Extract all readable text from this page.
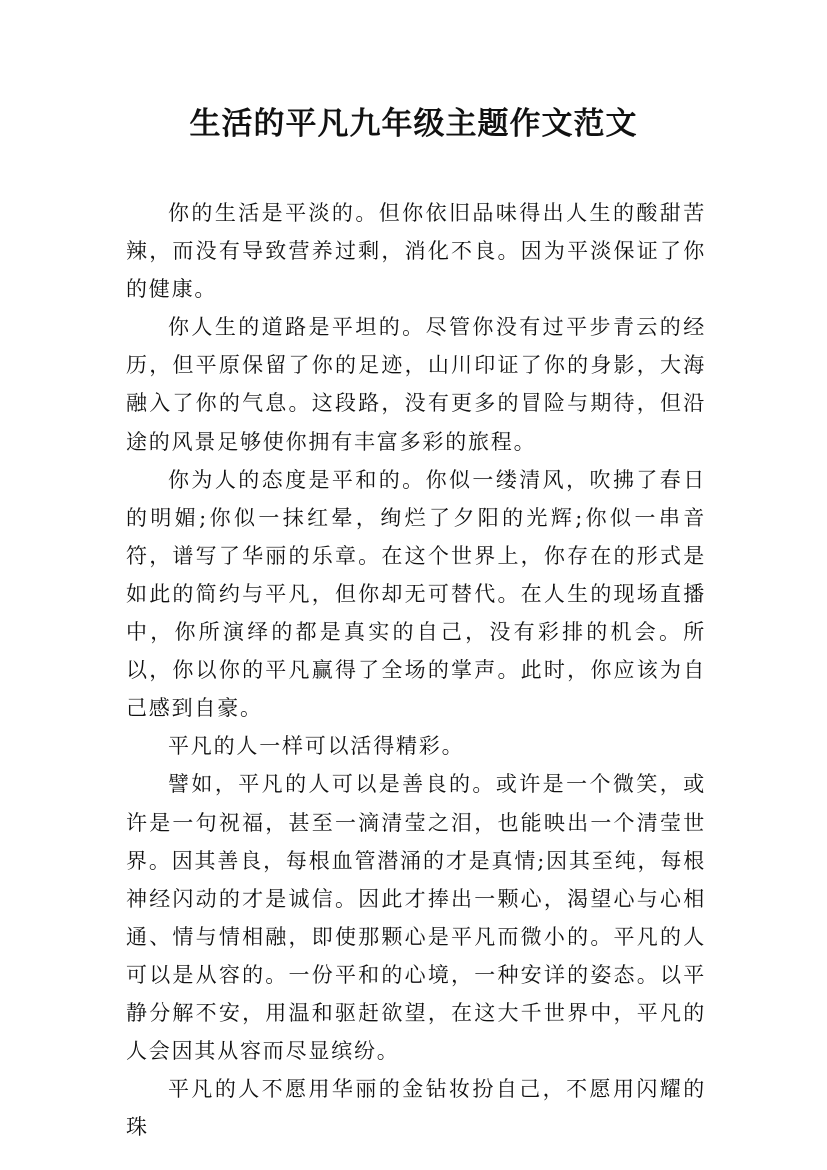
生活的平凡九年级主题作文范文

你的生活是平淡的。但你依旧品味得出人生的酸甜苦辣，而没有导致营养过剩，消化不良。因为平淡保证了你的健康。

你人生的道路是平坦的。尽管你没有过平步青云的经历，但平原保留了你的足迹，山川印证了你的身影，大海融入了你的气息。这段路，没有更多的冒险与期待，但沿途的风景足够使你拥有丰富多彩的旅程。

你为人的态度是平和的。你似一缕清风，吹拂了春日的明媚;你似一抹红晕，绚烂了夕阳的光辉;你似一串音符，谱写了华丽的乐章。在这个世界上，你存在的形式是如此的简约与平凡，但你却无可替代。在人生的现场直播中，你所演绎的都是真实的自己，没有彩排的机会。所以，你以你的平凡赢得了全场的掌声。此时，你应该为自己感到自豪。

平凡的人一样可以活得精彩。

譬如，平凡的人可以是善良的。或许是一个微笑，或许是一句祝福，甚至一滴清莹之泪，也能映出一个清莹世界。因其善良，每根血管潜涌的才是真情;因其至纯，每根神经闪动的才是诚信。因此才捧出一颗心，渴望心与心相通、情与情相融，即使那颗心是平凡而微小的。平凡的人可以是从容的。一份平和的心境，一种安详的姿态。以平静分解不安，用温和驱赶欲望，在这大千世界中，平凡的人会因其从容而尽显缤纷。

平凡的人不愿用华丽的金钻妆扮自己，不愿用闪耀的珠
